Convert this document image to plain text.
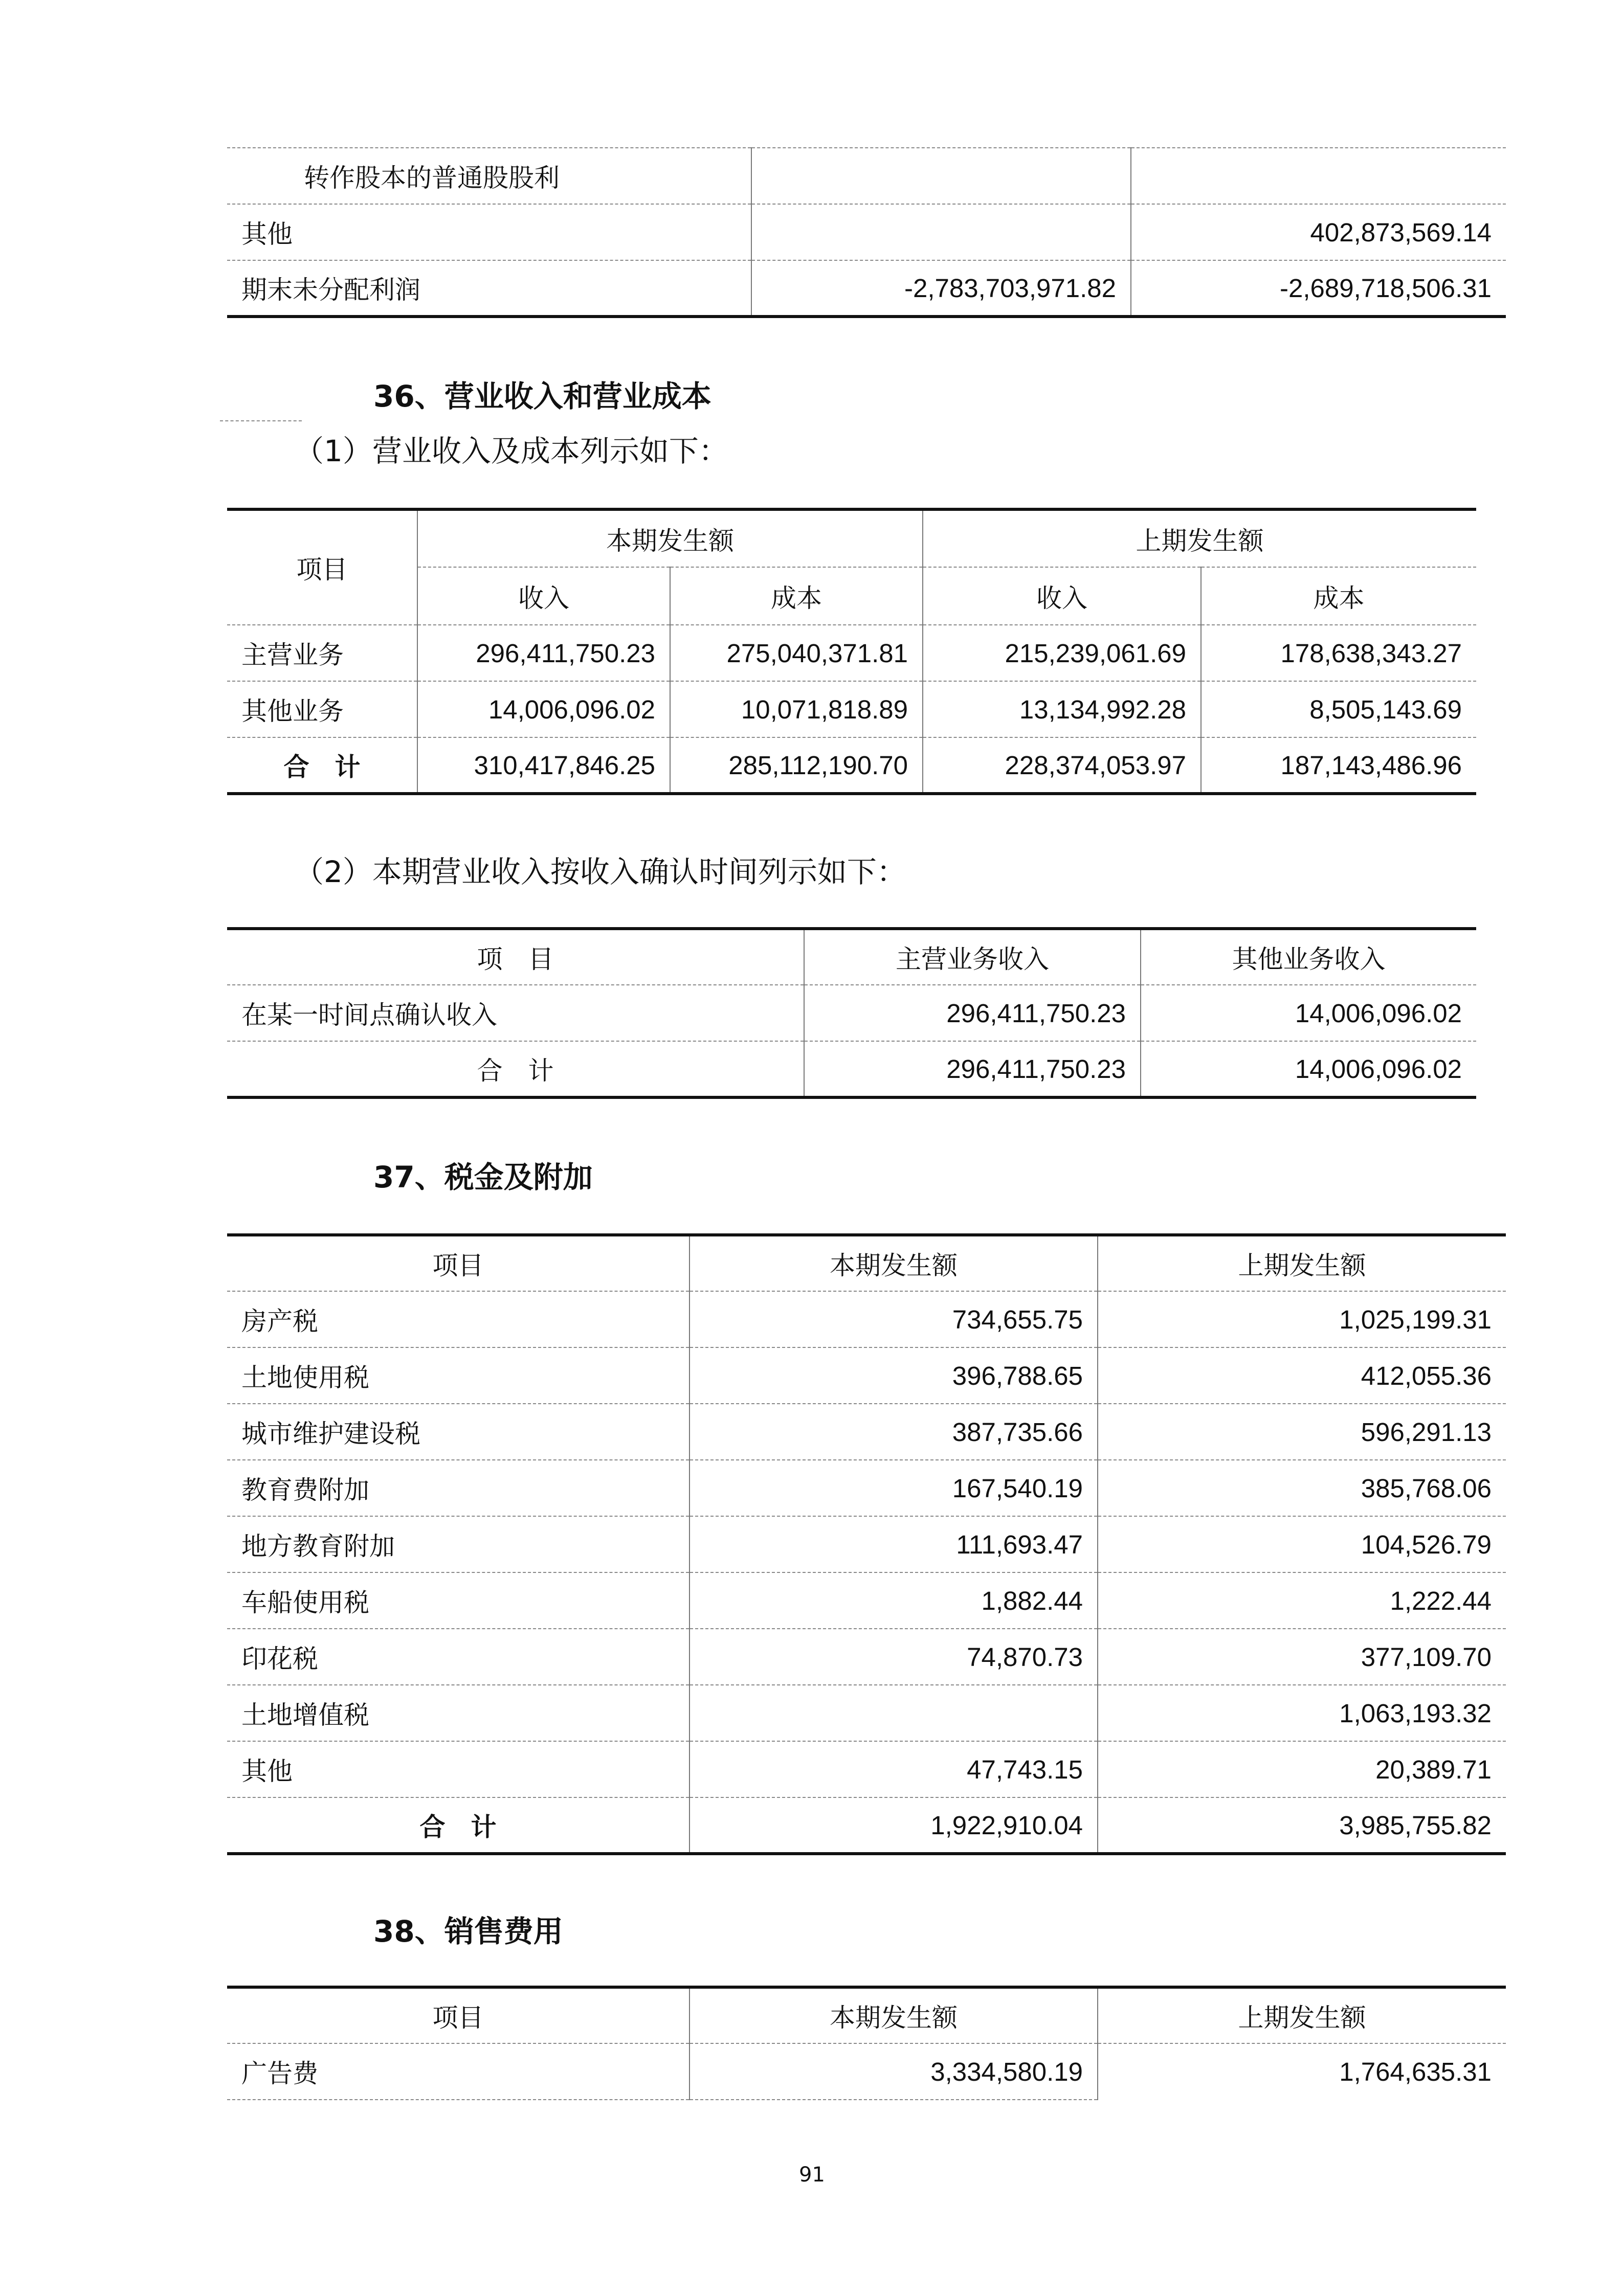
转作股本的普通股股利		
其他		402,873,569.14
期末未分配利润	-2,783,703,971.82	-2,689,718,506.31
36、营业收入和营业成本
（1）营业收入及成本列示如下：
项目	本期发生额		上期发生额	
	收入	成本	收入	成本
主营业务	296,411,750.23	275,040,371.81	215,239,061.69	178,638,343.27
其他业务	14,006,096.02	10,071,818.89	13,134,992.28	8,505,143.69
合　计	310,417,846.25	285,112,190.70	228,374,053.97	187,143,486.96
（2）本期营业收入按收入确认时间列示如下：
项　目	主营业务收入	其他业务收入
在某一时间点确认收入	296,411,750.23	14,006,096.02
合　计	296,411,750.23	14,006,096.02
37、税金及附加
项目	本期发生额	上期发生额
房产税	734,655.75	1,025,199.31
土地使用税	396,788.65	412,055.36
城市维护建设税	387,735.66	596,291.13
教育费附加	167,540.19	385,768.06
地方教育附加	111,693.47	104,526.79
车船使用税	1,882.44	1,222.44
印花税	74,870.73	377,109.70
土地增值税		1,063,193.32
其他	47,743.15	20,389.71
合　计	1,922,910.04	3,985,755.82
38、销售费用
项目	本期发生额	上期发生额
广告费	3,334,580.19	1,764,635.31
91
